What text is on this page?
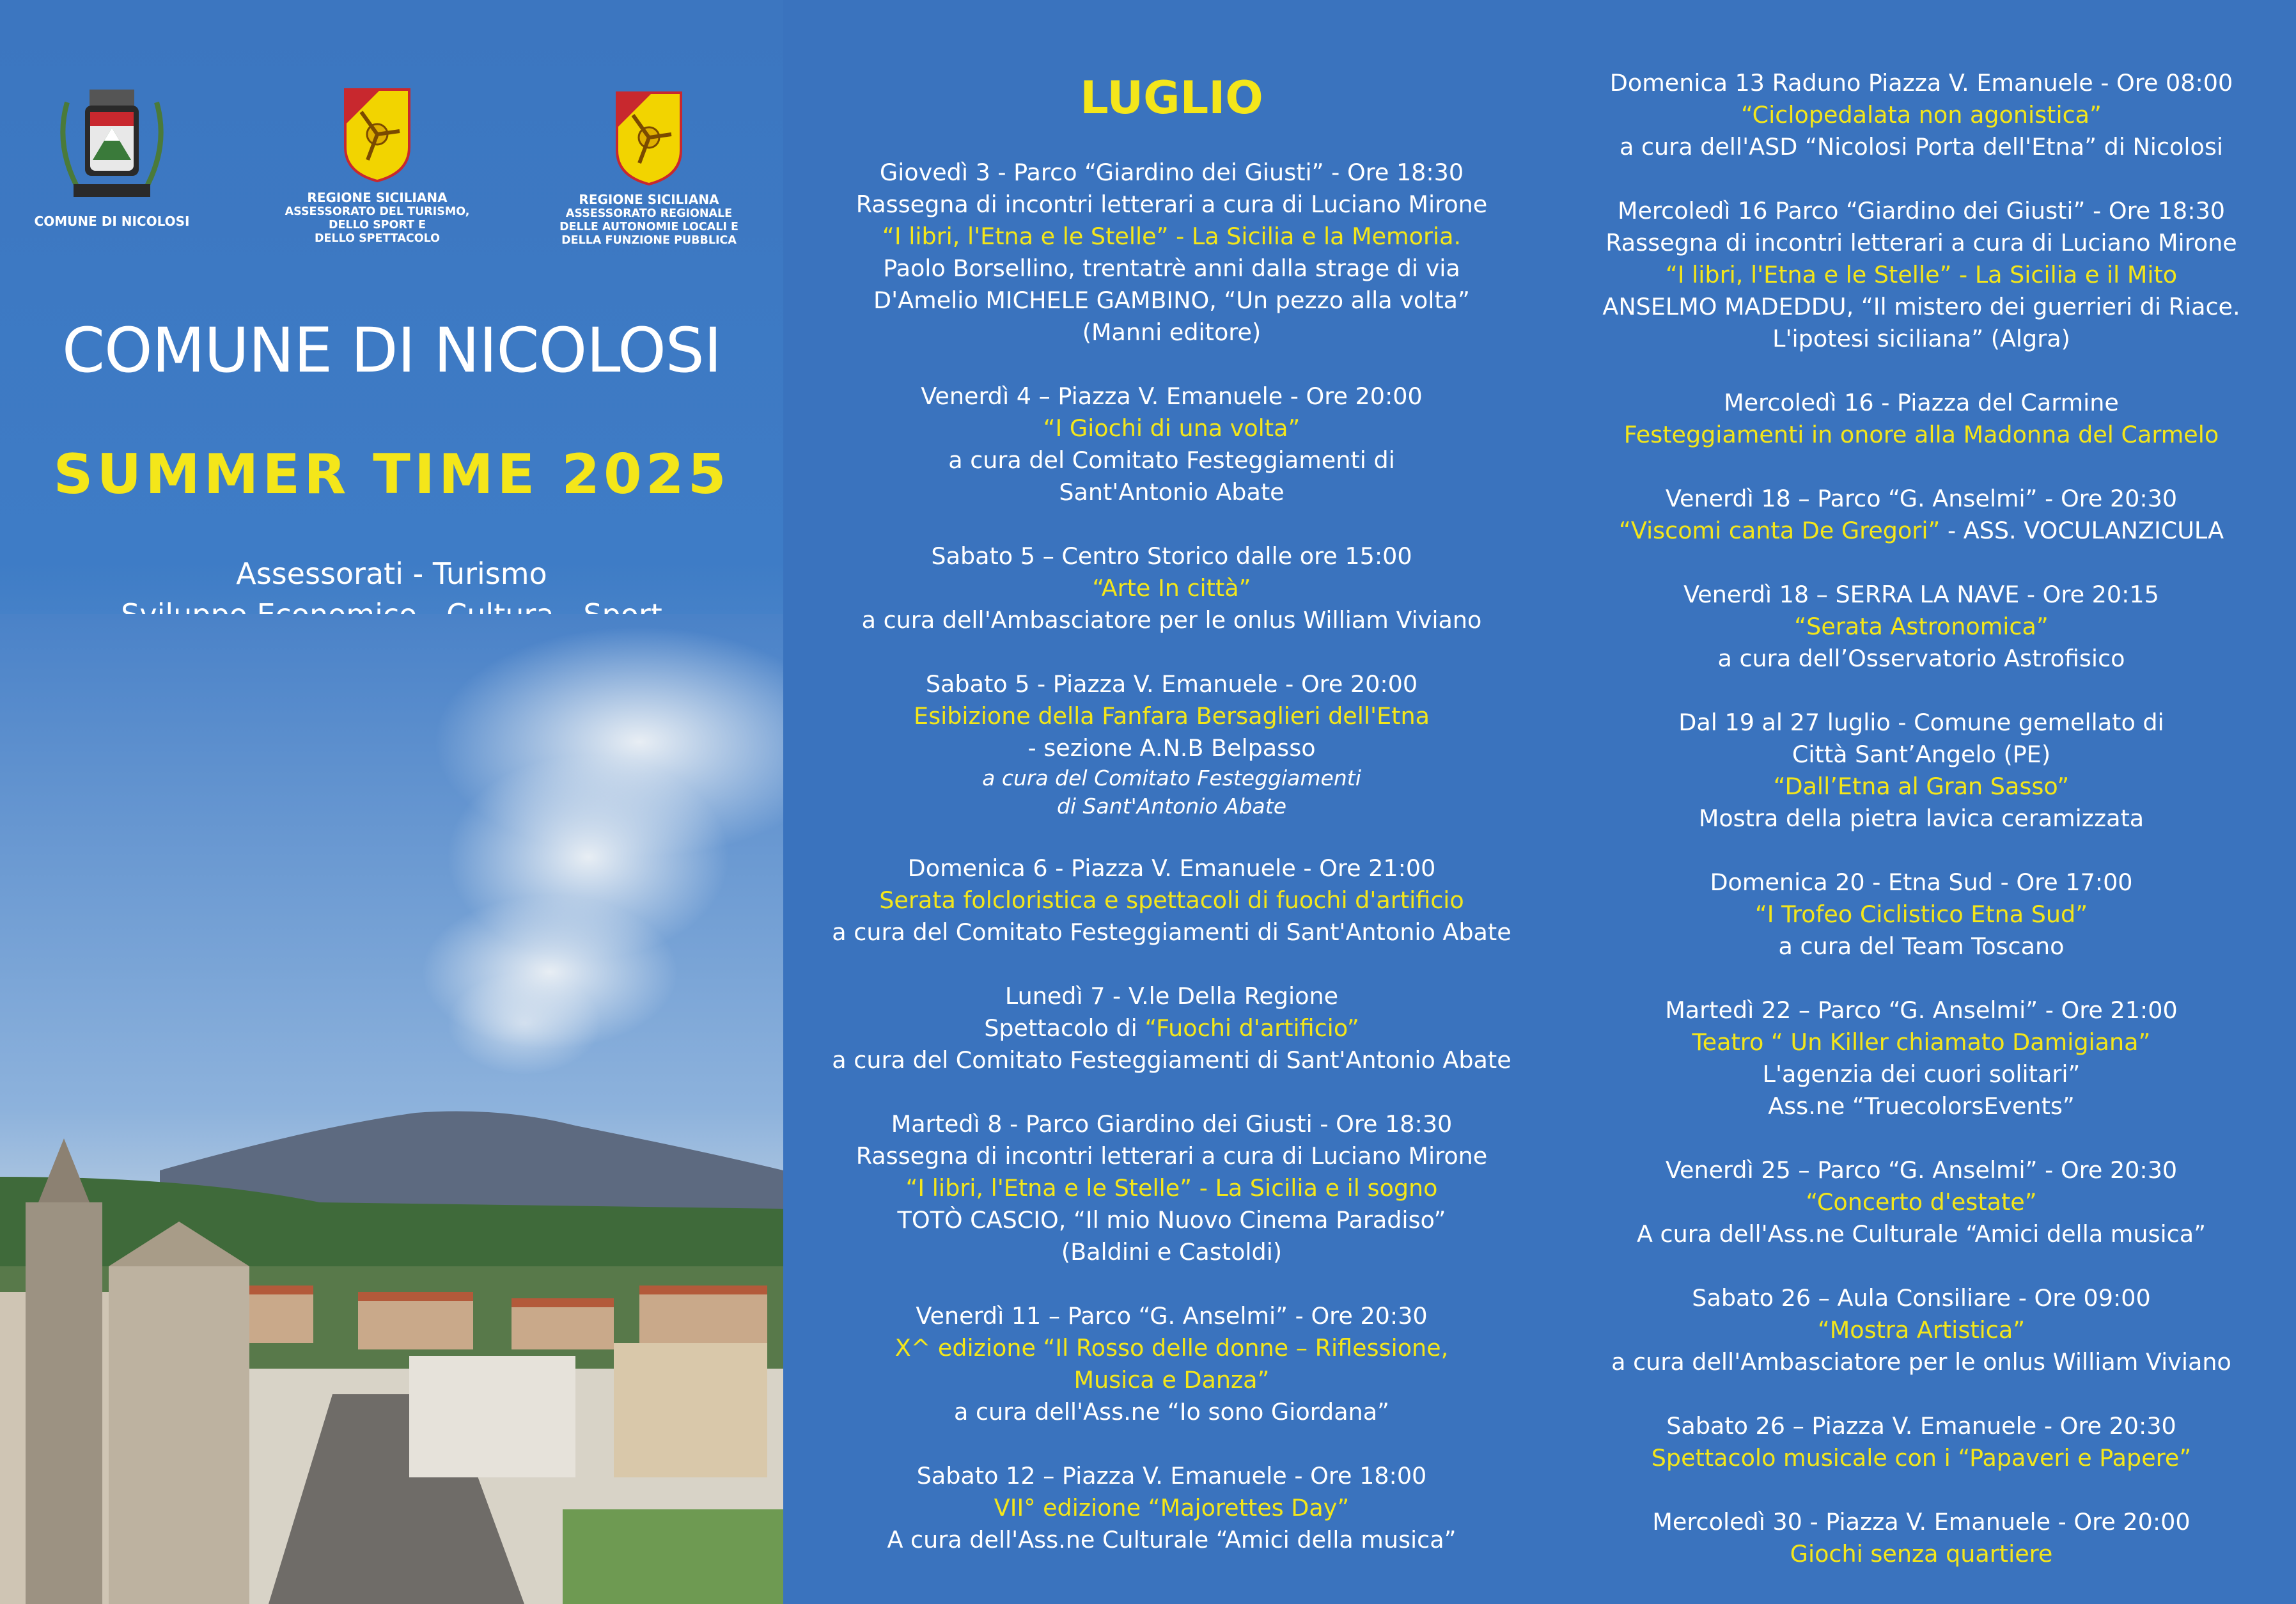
COMUNE DI NICOLOSI
REGIONE SICILIANA
ASSESSORATO DEL TURISMO,
DELLO SPORT E
DELLO SPETTACOLO
REGIONE SICILIANA
ASSESSORATO REGIONALE
DELLE AUTONOMIE LOCALI E
DELLA FUNZIONE PUBBLICA
COMUNE DI NICOLOSI
SUMMER TIME 2025
Assessorati - Turismo
LUGLIO
Giovedì 3 - Parco “Giardino dei Giusti” - Ore 18:30
Rassegna di incontri letterari a cura di Luciano Mirone
“I libri, l'Etna e le Stelle” - La Sicilia e la Memoria.
Paolo Borsellino, trentatrè anni dalla strage di via
D'Amelio MICHELE GAMBINO, “Un pezzo alla volta”
(Manni editore)
Venerdì 4 – Piazza V. Emanuele - Ore 20:00
“I Giochi di una volta”
a cura del Comitato Festeggiamenti di
Sant'Antonio Abate
Sabato 5 – Centro Storico dalle ore 15:00
“Arte In città”
a cura dell'Ambasciatore per le onlus William Viviano
Sabato 5 - Piazza V. Emanuele - Ore 20:00
Esibizione della Fanfara Bersaglieri dell'Etna
- sezione A.N.B Belpasso
a cura del Comitato Festeggiamenti
di Sant'Antonio Abate
Domenica 6 - Piazza V. Emanuele - Ore 21:00
Serata folcloristica e spettacoli di fuochi d'artificio
a cura del Comitato Festeggiamenti di Sant'Antonio Abate
Lunedì 7 - V.le Della Regione
Spettacolo di “Fuochi d'artificio”
a cura del Comitato Festeggiamenti di Sant'Antonio Abate
Martedì 8 - Parco Giardino dei Giusti - Ore 18:30
Rassegna di incontri letterari a cura di Luciano Mirone
“I libri, l'Etna e le Stelle” - La Sicilia e il sogno
TOTÒ CASCIO, “Il mio Nuovo Cinema Paradiso”
(Baldini e Castoldi)
Venerdì 11 – Parco “G. Anselmi” - Ore 20:30
X^ edizione “Il Rosso delle donne – Riflessione,
Musica e Danza”
a cura dell'Ass.ne “Io sono Giordana”
Sabato 12 – Piazza V. Emanuele - Ore 18:00
VII° edizione “Majorettes Day”
A cura dell'Ass.ne Culturale “Amici della musica”
Domenica 13 Raduno Piazza V. Emanuele - Ore 08:00
“Ciclopedalata non agonistica”
a cura dell'ASD “Nicolosi Porta dell'Etna” di Nicolosi
Mercoledì 16 Parco “Giardino dei Giusti” - Ore 18:30
Rassegna di incontri letterari a cura di Luciano Mirone
“I libri, l'Etna e le Stelle” - La Sicilia e il Mito
ANSELMO MADEDDU, “Il mistero dei guerrieri di Riace.
L'ipotesi siciliana” (Algra)
Mercoledì 16 - Piazza del Carmine
Festeggiamenti in onore alla Madonna del Carmelo
Venerdì 18 – Parco “G. Anselmi” - Ore 20:30
“Viscomi canta De Gregori” - ASS. VOCULANZICULA
Venerdì 18 – SERRA LA NAVE - Ore 20:15
“Serata Astronomica”
a cura dell’Osservatorio Astrofisico
Dal 19 al 27 luglio - Comune gemellato di
Città Sant’Angelo (PE)
“Dall’Etna al Gran Sasso”
Mostra della pietra lavica ceramizzata
Domenica 20 - Etna Sud - Ore 17:00
“I Trofeo Ciclistico Etna Sud”
a cura del Team Toscano
Martedì 22 – Parco “G. Anselmi” - Ore 21:00
Teatro “ Un Killer chiamato Damigiana”
L'agenzia dei cuori solitari”
Ass.ne “TruecolorsEvents”
Venerdì 25 – Parco “G. Anselmi” - Ore 20:30
“Concerto d'estate”
A cura dell'Ass.ne Culturale “Amici della musica”
Sabato 26 – Aula Consiliare - Ore 09:00
“Mostra Artistica”
a cura dell'Ambasciatore per le onlus William Viviano
Sabato 26 – Piazza V. Emanuele - Ore 20:30
Spettacolo musicale con i “Papaveri e Papere”
Mercoledì 30 - Piazza V. Emanuele - Ore 20:00
Giochi senza quartiere
